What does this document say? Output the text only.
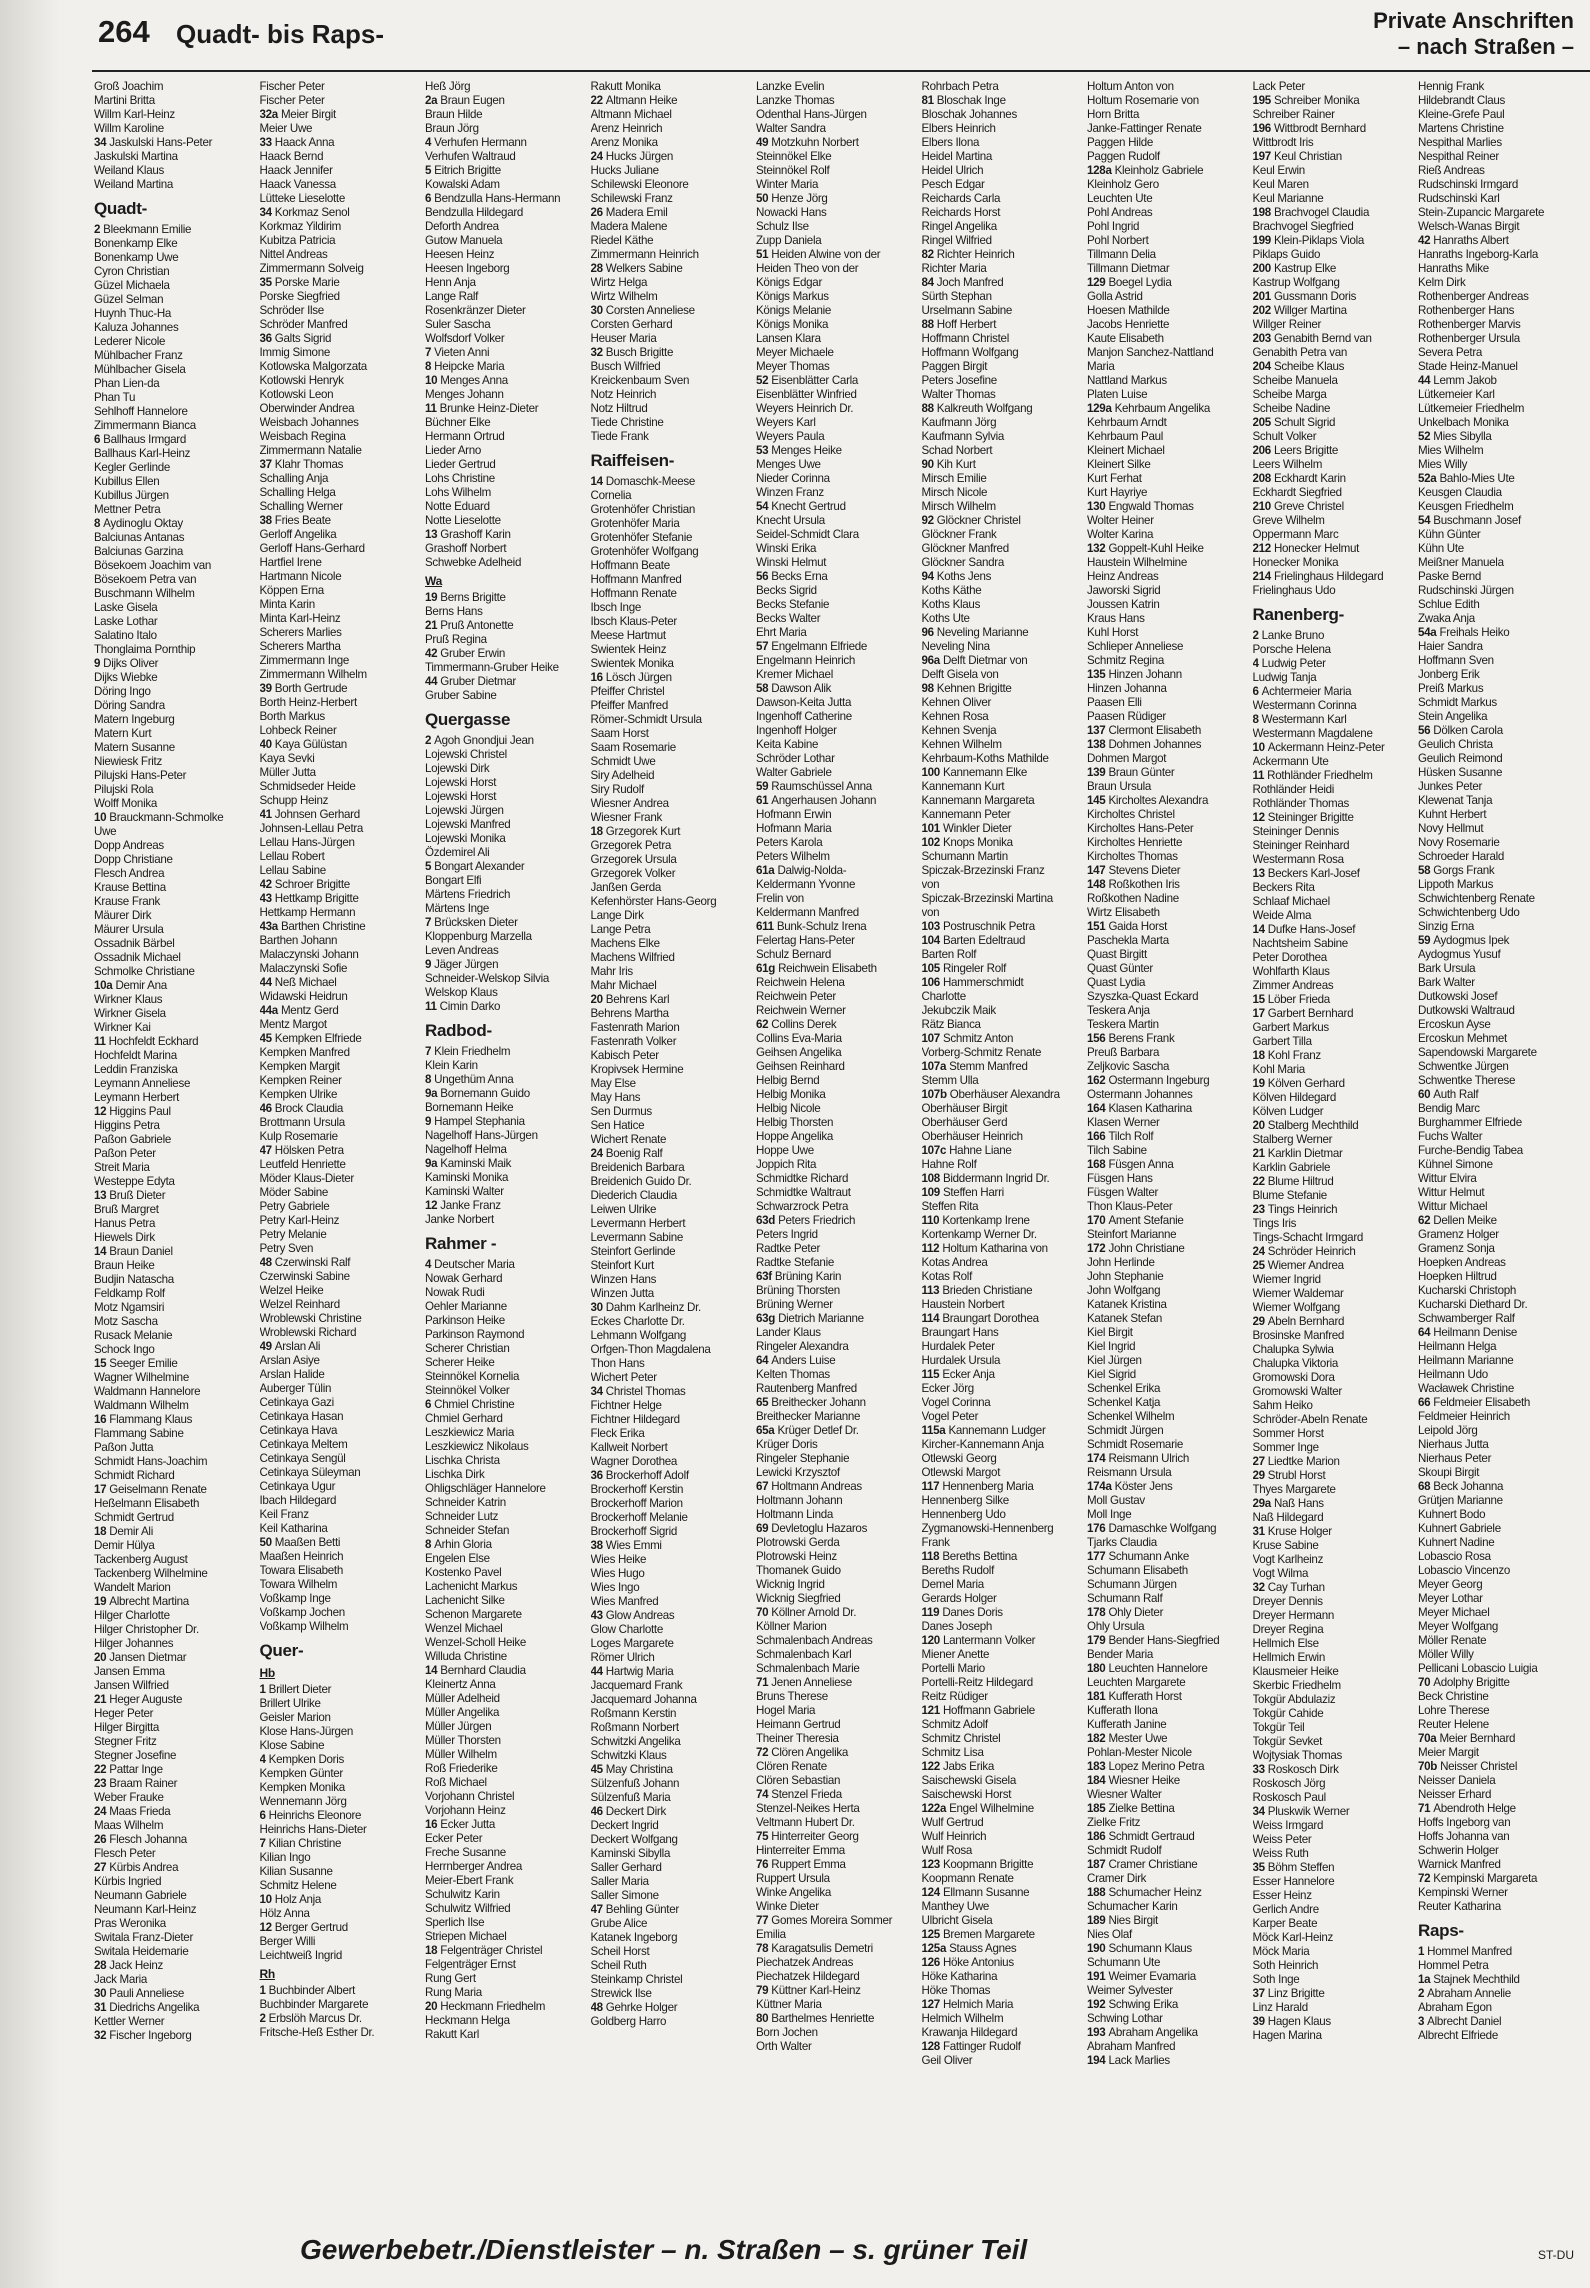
264 Quadt- bis Raps-	Private Anschriften
– nach Straßen –
Groß Joachim
Martini Britta
Willm Karl-Heinz
Willm Karoline
34 Jaskulski Hans-Peter
Jaskulski Martina
Weiland Klaus
Weiland Martina
Quadt-
2 Bleekmann Emilie
Bonenkamp Elke
Bonenkamp Uwe
Cyron Christian
Güzel Michaela
Güzel Selman
Huynh Thuc-Ha
Kaluza Johannes
Lederer Nicole
Mühlbacher Franz
Mühlbacher Gisela
Phan Lien-da
Phan Tu
Sehlhoff Hannelore
Zimmermann Bianca
6 Ballhaus Irmgard
Ballhaus Karl-Heinz
Kegler Gerlinde
Kubillus Ellen
Kubillus Jürgen
Mettner Petra
8 Aydinoglu Oktay
Balciunas Antanas
Balciunas Garzina
Bösekoem Joachim van
Bösekoem Petra van
Buschmann Wilhelm
Laske Gisela
Laske Lothar
Salatino Italo
Thonglaima Pornthip
9 Dijks Oliver
Dijks Wiebke
Döring Ingo
Döring Sandra
Matern Ingeburg
Matern Kurt
Matern Susanne
Niewiesk Fritz
Pilujski Hans-Peter
Pilujski Rola
Wolff Monika
10 Brauckmann-Schmolke
Uwe
Dopp Andreas
Dopp Christiane
Flesch Andrea
Krause Bettina
Krause Frank
Mäurer Dirk
Mäurer Ursula
Ossadnik Bärbel
Ossadnik Michael
Schmolke Christiane
10a Demir Ana
Wirkner Klaus
Wirkner Gisela
Wirkner Kai
11 Hochfeldt Eckhard
Hochfeldt Marina
Leddin Franziska
Leymann Anneliese
Leymann Herbert
12 Higgins Paul
Higgins Petra
Paßon Gabriele
Paßon Peter
Streit Maria
Westeppe Edyta
13 Bruß Dieter
Bruß Margret
Hanus Petra
Hiewels Dirk
14 Braun Daniel
Braun Heike
Budjin Natascha
Feldkamp Rolf
Motz Ngamsiri
Motz Sascha
Rusack Melanie
Schock Ingo
15 Seeger Emilie
Wagner Wilhelmine
Waldmann Hannelore
Waldmann Wilhelm
16 Flammang Klaus
Flammang Sabine
Paßon Jutta
Schmidt Hans-Joachim
Schmidt Richard
17 Geiselmann Renate
Heßelmann Elisabeth
Schmidt Gertrud
18 Demir Ali
Demir Hülya
Tackenberg August
Tackenberg Wilhelmine
Wandelt Marion
19 Albrecht Martina
Hilger Charlotte
Hilger Christopher Dr.
Hilger Johannes
20 Jansen Dietmar
Jansen Emma
Jansen Wilfried
21 Heger Auguste
Heger Peter
Hilger Birgitta
Stegner Fritz
Stegner Josefine
22 Pattar Inge
23 Braam Rainer
Weber Frauke
24 Maas Frieda
Maas Wilhelm
26 Flesch Johanna
Flesch Peter
27 Kürbis Andrea
Kürbis Ingried
Neumann Gabriele
Neumann Karl-Heinz
Pras Weronika
Switala Franz-Dieter
Switala Heidemarie
28 Jack Heinz
Jack Maria
30 Pauli Anneliese
31 Diedrichs Angelika
Kettler Werner
32 Fischer Ingeborg
Fischer Peter
Fischer Peter
32a Meier Birgit
Meier Uwe
33 Haack Anna
Haack Bernd
Haack Jennifer
Haack Vanessa
Lütteke Lieselotte
34 Korkmaz Senol
Korkmaz Yildirim
Kubitza Patricia
Nittel Andreas
Zimmermann Solveig
35 Porske Marie
Porske Siegfried
Schröder Ilse
Schröder Manfred
36 Galts Sigrid
Immig Simone
Kotlowska Malgorzata
Kotlowski Henryk
Kotlowski Leon
Oberwinder Andrea
Weisbach Johannes
Weisbach Regina
Zimmermann Natalie
37 Klahr Thomas
Schalling Anja
Schalling Helga
Schalling Werner
38 Fries Beate
Gerloff Angelika
Gerloff Hans-Gerhard
Hartfiel Irene
Hartmann Nicole
Köppen Erna
Minta Karin
Minta Karl-Heinz
Scherers Marlies
Scherers Martha
Zimmermann Inge
Zimmermann Wilhelm
39 Borth Gertrude
Borth Heinz-Herbert
Borth Markus
Lohbeck Reiner
40 Kaya Gülüstan
Kaya Sevki
Müller Jutta
Schmidseder Heide
Schupp Heinz
41 Johnsen Gerhard
Johnsen-Lellau Petra
Lellau Hans-Jürgen
Lellau Robert
Lellau Sabine
42 Schroer Brigitte
43 Hettkamp Brigitte
Hettkamp Hermann
43a Barthen Christine
Barthen Johann
Malaczynski Johann
Malaczynski Sofie
44 Neß Michael
Widawski Heidrun
44a Mentz Gerd
Mentz Margot
45 Kempken Elfriede
Kempken Manfred
Kempken Margit
Kempken Reiner
Kempken Ulrike
46 Brock Claudia
Brottmann Ursula
Kulp Rosemarie
47 Hölsken Petra
Leutfeld Henriette
Möder Klaus-Dieter
Möder Sabine
Petry Gabriele
Petry Karl-Heinz
Petry Melanie
Petry Sven
48 Czerwinski Ralf
Czerwinski Sabine
Welzel Heike
Welzel Reinhard
Wroblewski Christine
Wroblewski Richard
49 Arslan Ali
Arslan Asiye
Arslan Halide
Auberger Tülin
Cetinkaya Gazi
Cetinkaya Hasan
Cetinkaya Hava
Cetinkaya Meltem
Cetinkaya Sengül
Cetinkaya Süleyman
Cetinkaya Ugur
Ibach Hildegard
Keil Franz
Keil Katharina
50 Maaßen Betti
Maaßen Heinrich
Towara Elisabeth
Towara Wilhelm
Voßkamp Inge
Voßkamp Jochen
Voßkamp Wilhelm
Quer-
Hb
1 Brillert Dieter
Brillert Ulrike
Geisler Marion
Klose Hans-Jürgen
Klose Sabine
4 Kempken Doris
Kempken Günter
Kempken Monika
Wennemann Jörg
6 Heinrichs Eleonore
Heinrichs Hans-Dieter
7 Kilian Christine
Kilian Ingo
Kilian Susanne
Schmitz Helene
10 Holz Anja
Hölz Anna
12 Berger Gertrud
Berger Willi
Leichtweiß Ingrid
Rh
1 Buchbinder Albert
Buchbinder Margarete
2 Erbslöh Marcus Dr.
Fritsche-Heß Esther Dr.
Heß Jörg
2a Braun Eugen
Braun Hilde
Braun Jörg
4 Verhufen Hermann
Verhufen Waltraud
5 Eitrich Brigitte
Kowalski Adam
6 Bendzulla Hans-Hermann
Bendzulla Hildegard
Deforth Andrea
Gutow Manuela
Heesen Heinz
Heesen Ingeborg
Henn Anja
Lange Ralf
Rosenkränzer Dieter
Suler Sascha
Wolfsdorf Volker
7 Vieten Anni
8 Heipcke Maria
10 Menges Anna
Menges Johann
11 Brunke Heinz-Dieter
Büchner Elke
Hermann Ortrud
Lieder Arno
Lieder Gertrud
Lohs Christine
Lohs Wilhelm
Notte Eduard
Notte Lieselotte
13 Grashoff Karin
Grashoff Norbert
Schwebke Adelheid
Wa
19 Berns Brigitte
Berns Hans
21 Pruß Antonette
Pruß Regina
42 Gruber Erwin
Timmermann-Gruber Heike
44 Gruber Dietmar
Gruber Sabine
Quergasse
2 Agoh Gnondjui Jean
Lojewski Christel
Lojewski Dirk
Lojewski Horst
Lojewski Horst
Lojewski Jürgen
Lojewski Manfred
Lojewski Monika
Özdemirel Ali
5 Bongart Alexander
Bongart Elfi
Märtens Friedrich
Märtens Inge
7 Brücksken Dieter
Kloppenburg Marzella
Leven Andreas
9 Jäger Jürgen
Schneider-Welskop Silvia
Welskop Klaus
11 Cimin Darko
Radbod-
7 Klein Friedhelm
Klein Karin
8 Ungethüm Anna
9a Bornemann Guido
Bornemann Heike
9 Hampel Stephania
Nagelhoff Hans-Jürgen
Nagelhoff Helma
9a Kaminski Maik
Kaminski Monika
Kaminski Walter
12 Janke Franz
Janke Norbert
Rahmer -
4 Deutscher Maria
Nowak Gerhard
Nowak Rudi
Oehler Marianne
Parkinson Heike
Parkinson Raymond
Scherer Christian
Scherer Heike
Steinnökel Kornelia
Steinnökel Volker
6 Chmiel Christine
Chmiel Gerhard
Leszkiewicz Maria
Leszkiewicz Nikolaus
Lischka Christa
Lischka Dirk
Ohligschläger Hannelore
Schneider Katrin
Schneider Lutz
Schneider Stefan
8 Arhin Gloria
Engelen Else
Kostenko Pavel
Lachenicht Markus
Lachenicht Silke
Schenon Margarete
Wenzel Michael
Wenzel-Scholl Heike
Willuda Christine
14 Bernhard Claudia
Kleinertz Anna
Müller Adelheid
Müller Angelika
Müller Jürgen
Müller Thorsten
Müller Wilhelm
Roß Friederike
Roß Michael
Vorjohann Christel
Vorjohann Heinz
16 Ecker Jutta
Ecker Peter
Freche Susanne
Herrnberger Andrea
Meier-Ebert Frank
Schulwitz Karin
Schulwitz Wilfried
Sperlich Ilse
Striepen Michael
18 Felgenträger Christel
Felgenträger Ernst
Rung Gert
Rung Maria
20 Heckmann Friedhelm
Heckmann Helga
Rakutt Karl
Rakutt Monika
22 Altmann Heike
Altmann Michael
Arenz Heinrich
Arenz Monika
24 Hucks Jürgen
Hucks Juliane
Schilewski Eleonore
Schilewski Franz
26 Madera Emil
Madera Malene
Riedel Käthe
Zimmermann Heinrich
28 Welkers Sabine
Wirtz Helga
Wirtz Wilhelm
30 Corsten Anneliese
Corsten Gerhard
Heuser Maria
32 Busch Brigitte
Busch Wilfried
Kreickenbaum Sven
Notz Heinrich
Notz Hiltrud
Tiede Christine
Tiede Frank
Raiffeisen-
14 Domaschk-Meese
Cornelia
Grotenhöfer Christian
Grotenhöfer Maria
Grotenhöfer Stefanie
Grotenhöfer Wolfgang
Hoffmann Beate
Hoffmann Manfred
Hoffmann Renate
Ibsch Inge
Ibsch Klaus-Peter
Meese Hartmut
Swientek Heinz
Swientek Monika
16 Lösch Jürgen
Pfeiffer Christel
Pfeiffer Manfred
Römer-Schmidt Ursula
Saam Horst
Saam Rosemarie
Schmidt Uwe
Siry Adelheid
Siry Rudolf
Wiesner Andrea
Wiesner Frank
18 Grzegorek Kurt
Grzegorek Petra
Grzegorek Ursula
Grzegorek Volker
Janßen Gerda
Kefenhörster Hans-Georg
Lange Dirk
Lange Petra
Machens Elke
Machens Wilfried
Mahr Iris
Mahr Michael
20 Behrens Karl
Behrens Martha
Fastenrath Marion
Fastenrath Volker
Kabisch Peter
Kropivsek Hermine
May Else
May Hans
Sen Durmus
Sen Hatice
Wichert Renate
24 Boenig Ralf
Breidenich Barbara
Breidenich Guido Dr.
Diederich Claudia
Leiwen Ulrike
Levermann Herbert
Levermann Sabine
Steinfort Gerlinde
Steinfort Kurt
Winzen Hans
Winzen Jutta
30 Dahm Karlheinz Dr.
Eckes Charlotte Dr.
Lehmann Wolfgang
Orfgen-Thon Magdalena
Thon Hans
Wichert Peter
34 Christel Thomas
Fichtner Helge
Fichtner Hildegard
Fleck Erika
Kallweit Norbert
Wagner Dorothea
36 Brockerhoff Adolf
Brockerhoff Kerstin
Brockerhoff Marion
Brockerhoff Melanie
Brockerhoff Sigrid
38 Wies Emmi
Wies Heike
Wies Hugo
Wies Ingo
Wies Manfred
43 Glow Andreas
Glow Charlotte
Loges Margarete
Römer Ulrich
44 Hartwig Maria
Jacquemard Frank
Jacquemard Johanna
Roßmann Kerstin
Roßmann Norbert
Schwitzki Angelika
Schwitzki Klaus
45 May Christina
Sülzenfuß Johann
Sülzenfuß Maria
46 Deckert Dirk
Deckert Ingrid
Deckert Wolfgang
Kaminski Sibylla
Saller Gerhard
Saller Maria
Saller Simone
47 Behling Günter
Grube Alice
Katanek Ingeborg
Scheil Horst
Scheil Ruth
Steinkamp Christel
Strewick Ilse
48 Gehrke Holger
Goldberg Harro
Lanzke Evelin
Lanzke Thomas
Odenthal Hans-Jürgen
Walter Sandra
49 Motzkuhn Norbert
Steinnökel Elke
Steinnökel Rolf
Winter Maria
50 Henze Jörg
Nowacki Hans
Schulz Ilse
Zupp Daniela
51 Heiden Alwine von der
Heiden Theo von der
Königs Edgar
Königs Markus
Königs Melanie
Königs Monika
Lansen Klara
Meyer Michaele
Meyer Thomas
52 Eisenblätter Carla
Eisenblätter Winfried
Weyers Heinrich Dr.
Weyers Karl
Weyers Paula
53 Menges Heike
Menges Uwe
Nieder Corinna
Winzen Franz
54 Knecht Gertrud
Knecht Ursula
Seidel-Schmidt Clara
Winski Erika
Winski Helmut
56 Becks Erna
Becks Sigrid
Becks Stefanie
Becks Walter
Ehrt Maria
57 Engelmann Elfriede
Engelmann Heinrich
Kremer Michael
58 Dawson Alik
Dawson-Keita Jutta
Ingenhoff Catherine
Ingenhoff Holger
Keita Kabine
Schröder Lothar
Walter Gabriele
59 Raumschüssel Anna
61 Angerhausen Johann
Hofmann Erwin
Hofmann Maria
Peters Karola
Peters Wilhelm
61a Dalwig-Nolda-
Keldermann Yvonne
Frelin von
Keldermann Manfred
611 Bunk-Schulz Irena
Felertag Hans-Peter
Schulz Bernard
61g Reichwein Elisabeth
Reichwein Helena
Reichwein Peter
Reichwein Werner
62 Collins Derek
Collins Eva-Maria
Geihsen Angelika
Geihsen Reinhard
Helbig Bernd
Helbig Monika
Helbig Nicole
Helbig Thorsten
Hoppe Angelika
Hoppe Uwe
Joppich Rita
Schmidtke Richard
Schmidtke Waltraut
Schwarzrock Petra
63d Peters Friedrich
Peters Ingrid
Radtke Peter
Radtke Stefanie
63f Brüning Karin
Brüning Thorsten
Brüning Werner
63g Dietrich Marianne
Lander Klaus
Ringeler Alexandra
64 Anders Luise
Kelten Thomas
Rautenberg Manfred
65 Breithecker Johann
Breithecker Marianne
65a Krüger Detlef Dr.
Krüger Doris
Ringeler Stephanie
Lewicki Krzysztof
67 Holtmann Andreas
Holtmann Johann
Holtmann Linda
69 Devletoglu Hazaros
Plotrowski Gerda
Plotrowski Heinz
Thomanek Guido
Wicknig Ingrid
Wicknig Siegfried
70 Köllner Arnold Dr.
Köllner Marion
Schmalenbach Andreas
Schmalenbach Karl
Schmalenbach Marie
71 Jenen Anneliese
Bruns Therese
Hogel Maria
Heimann Gertrud
Theiner Theresia
72 Clören Angelika
Clören Renate
Clören Sebastian
74 Stenzel Frieda
Stenzel-Neikes Herta
Veltmann Hubert Dr.
75 Hinterreiter Georg
Hinterreiter Emma
76 Ruppert Emma
Ruppert Ursula
Winke Angelika
Winke Dieter
77 Gomes Moreira Sommer
Emilia
78 Karagatsulis Demetri
Piechatzek Andreas
Piechatzek Hildegard
79 Küttner Karl-Heinz
Küttner Maria
80 Barthelmes Henriette
Born Jochen
Orth Walter
Rohrbach Petra
81 Bloschak Inge
Bloschak Johannes
Elbers Heinrich
Elbers Ilona
Heidel Martina
Heidel Ulrich
Pesch Edgar
Reichards Carla
Reichards Horst
Ringel Angelika
Ringel Wilfried
82 Richter Heinrich
Richter Maria
84 Joch Manfred
Sürth Stephan
Urselmann Sabine
88 Hoff Herbert
Hoffmann Christel
Hoffmann Wolfgang
Paggen Birgit
Peters Josefine
Walter Thomas
88 Kalkreuth Wolfgang
Kaufmann Jörg
Kaufmann Sylvia
Schad Norbert
90 Kih Kurt
Mirsch Emilie
Mirsch Nicole
Mirsch Wilhelm
92 Glöckner Christel
Glöckner Frank
Glöckner Manfred
Glöckner Sandra
94 Koths Jens
Koths Käthe
Koths Klaus
Koths Ute
96 Neveling Marianne
Neveling Nina
96a Delft Dietmar von
Delft Gisela von
98 Kehnen Brigitte
Kehnen Oliver
Kehnen Rosa
Kehnen Svenja
Kehnen Wilhelm
Kehrbaum-Koths Mathilde
100 Kannemann Elke
Kannemann Kurt
Kannemann Margareta
Kannemann Peter
101 Winkler Dieter
102 Knops Monika
Schumann Martin
Spiczak-Brzezinski Franz
von
Spiczak-Brzezinski Martina
von
103 Postruschnik Petra
104 Barten Edeltraud
Barten Rolf
105 Ringeler Rolf
106 Hammerschmidt
Charlotte
Jekubczik Maik
Rätz Bianca
107 Schmitz Anton
Vorberg-Schmitz Renate
107a Stemm Manfred
Stemm Ulla
107b Oberhäuser Alexandra
Oberhäuser Birgit
Oberhäuser Gerd
Oberhäuser Heinrich
107c Hahne Liane
Hahne Rolf
108 Biddermann Ingrid Dr.
109 Steffen Harri
Steffen Rita
110 Kortenkamp Irene
Kortenkamp Werner Dr.
112 Holtum Katharina von
Kotas Andrea
Kotas Rolf
113 Brieden Christiane
Haustein Norbert
114 Braungart Dorothea
Braungart Hans
Hurdalek Peter
Hurdalek Ursula
115 Ecker Anja
Ecker Jörg
Vogel Corinna
Vogel Peter
115a Kannemann Ludger
Kircher-Kannemann Anja
Otlewski Georg
Otlewski Margot
117 Hennenberg Maria
Hennenberg Silke
Hennenberg Udo
Zygmanowski-Hennenberg
Frank
118 Bereths Bettina
Bereths Rudolf
Demel Maria
Gerards Holger
119 Danes Doris
Danes Joseph
120 Lantermann Volker
Miener Anette
Portelli Mario
Portelli-Reitz Hildegard
Reitz Rüdiger
121 Hoffmann Gabriele
Schmitz Adolf
Schmitz Christel
Schmitz Lisa
122 Jabs Erika
Saischewski Gisela
Saischewski Horst
122a Engel Wilhelmine
Wulf Gertrud
Wulf Heinrich
Wulf Rosa
123 Koopmann Brigitte
Koopmann Renate
124 Ellmann Susanne
Manthey Uwe
Ulbricht Gisela
125 Bremen Margarete
125a Stauss Agnes
126 Höke Antonius
Höke Katharina
Höke Thomas
127 Helmich Maria
Helmich Wilhelm
Krawanja Hildegard
128 Fattinger Rudolf
Geil Oliver
Holtum Anton von
Holtum Rosemarie von
Horn Britta
Janke-Fattinger Renate
Paggen Hilde
Paggen Rudolf
128a Kleinholz Gabriele
Kleinholz Gero
Leuchten Ute
Pohl Andreas
Pohl Ingrid
Pohl Norbert
Tillmann Delia
Tillmann Dietmar
129 Boegel Lydia
Golla Astrid
Hoesen Mathilde
Jacobs Henriette
Kaute Elisabeth
Manjon Sanchez-Nattland
Maria
Nattland Markus
Platen Luise
129a Kehrbaum Angelika
Kehrbaum Arndt
Kehrbaum Paul
Kleinert Michael
Kleinert Silke
Kurt Ferhat
Kurt Hayriye
130 Engwald Thomas
Wolter Heiner
Wolter Karina
132 Goppelt-Kuhl Heike
Haustein Wilhelmine
Heinz Andreas
Jaworski Sigrid
Joussen Katrin
Kraus Hans
Kuhl Horst
Schlieper Anneliese
Schmitz Regina
135 Hinzen Johann
Hinzen Johanna
Paasen Elli
Paasen Rüdiger
137 Clermont Elisabeth
138 Dohmen Johannes
Dohmen Margot
139 Braun Günter
Braun Ursula
145 Kircholtes Alexandra
Kircholtes Christel
Kircholtes Hans-Peter
Kircholtes Henriette
Kircholtes Thomas
147 Stevens Dieter
148 Roßkothen Iris
Roßkothen Nadine
Wirtz Elisabeth
151 Gaida Horst
Paschekla Marta
Quast Birgitt
Quast Günter
Quast Lydia
Szyszka-Quast Eckard
Teskera Anja
Teskera Martin
156 Berens Frank
Preuß Barbara
Zeljkovic Sascha
162 Ostermann Ingeburg
Ostermann Johannes
164 Klasen Katharina
Klasen Werner
166 Tilch Rolf
Tilch Sabine
168 Füsgen Anna
Füsgen Hans
Füsgen Walter
Thon Klaus-Peter
170 Ament Stefanie
Steinfort Marianne
172 John Christiane
John Herlinde
John Stephanie
John Wolfgang
Katanek Kristina
Katanek Stefan
Kiel Birgit
Kiel Ingrid
Kiel Jürgen
Kiel Sigrid
Schenkel Erika
Schenkel Katja
Schenkel Wilhelm
Schmidt Jürgen
Schmidt Rosemarie
174 Reismann Ulrich
Reismann Ursula
174a Köster Jens
Moll Gustav
Moll Inge
176 Damaschke Wolfgang
Tjarks Claudia
177 Schumann Anke
Schumann Elisabeth
Schumann Jürgen
Schumann Ralf
178 Ohly Dieter
Ohly Ursula
179 Bender Hans-Siegfried
Bender Maria
180 Leuchten Hannelore
Leuchten Margarete
181 Kufferath Horst
Kufferath Ilona
Kufferath Janine
182 Mester Uwe
Pohlan-Mester Nicole
183 Lopez Merino Petra
184 Wiesner Heike
Wiesner Walter
185 Zielke Bettina
Zielke Fritz
186 Schmidt Gertraud
Schmidt Rudolf
187 Cramer Christiane
Cramer Dirk
188 Schumacher Heinz
Schumacher Karin
189 Nies Birgit
Nies Olaf
190 Schumann Klaus
Schumann Ute
191 Weimer Evamaria
Weimer Sylvester
192 Schwing Erika
Schwing Lothar
193 Abraham Angelika
Abraham Manfred
194 Lack Marlies
Lack Peter
195 Schreiber Monika
Schreiber Rainer
196 Wittbrodt Bernhard
Wittbrodt Iris
197 Keul Christian
Keul Erwin
Keul Maren
Keul Marianne
198 Brachvogel Claudia
Brachvogel Siegfried
199 Klein-Piklaps Viola
Piklaps Guido
200 Kastrup Elke
Kastrup Wolfgang
201 Gussmann Doris
202 Willger Martina
Willger Reiner
203 Genabith Bernd van
Genabith Petra van
204 Scheibe Klaus
Scheibe Manuela
Scheibe Marga
Scheibe Nadine
205 Schult Sigrid
Schult Volker
206 Leers Brigitte
Leers Wilhelm
208 Eckhardt Karin
Eckhardt Siegfried
210 Greve Christel
Greve Wilhelm
Oppermann Marc
212 Honecker Helmut
Honecker Monika
214 Frielinghaus Hildegard
Frielinghaus Udo
Ranenberg-
2 Lanke Bruno
Porsche Helena
4 Ludwig Peter
Ludwig Tanja
6 Achtermeier Maria
Westermann Corinna
8 Westermann Karl
Westermann Magdalene
10 Ackermann Heinz-Peter
Ackermann Ute
11 Rothländer Friedhelm
Rothländer Heidi
Rothländer Thomas
12 Steininger Brigitte
Steininger Dennis
Steininger Reinhard
Westermann Rosa
13 Beckers Karl-Josef
Beckers Rita
Schlaaf Michael
Weide Alma
14 Dufke Hans-Josef
Nachtsheim Sabine
Peter Dorothea
Wohlfarth Klaus
Zimmer Andreas
15 Löber Frieda
17 Garbert Bernhard
Garbert Markus
Garbert Tilla
18 Kohl Franz
Kohl Maria
19 Kölven Gerhard
Kölven Hildegard
Kölven Ludger
20 Stalberg Mechthild
Stalberg Werner
21 Karklin Dietmar
Karklin Gabriele
22 Blume Hiltrud
Blume Stefanie
23 Tings Heinrich
Tings Iris
Tings-Schacht Irmgard
24 Schröder Heinrich
25 Wiemer Andrea
Wiemer Ingrid
Wiemer Waldemar
Wiemer Wolfgang
29 Abeln Bernhard
Brosinske Manfred
Chalupka Sylwia
Chalupka Viktoria
Gromowski Dora
Gromowski Walter
Sahm Heiko
Schröder-Abeln Renate
Sommer Horst
Sommer Inge
27 Liedtke Marion
29 Strubl Horst
Thyes Margarete
29a Naß Hans
Naß Hildegard
31 Kruse Holger
Kruse Sabine
Vogt Karlheinz
Vogt Wilma
32 Cay Turhan
Dreyer Dennis
Dreyer Hermann
Dreyer Regina
Hellmich Else
Hellmich Erwin
Klausmeier Heike
Skerbic Friedhelm
Tokgür Abdulaziz
Tokgür Cahide
Tokgür Teil
Tokgür Sevket
Wojtysiak Thomas
33 Roskosch Dirk
Roskosch Jörg
Roskosch Paul
34 Pluskwik Werner
Weiss Irmgard
Weiss Peter
Weiss Ruth
35 Böhm Steffen
Esser Hannelore
Esser Heinz
Gerlich Andre
Karper Beate
Möck Karl-Heinz
Möck Maria
Soth Heinrich
Soth Inge
37 Linz Brigitte
Linz Harald
39 Hagen Klaus
Hagen Marina
Hennig Frank
Hildebrandt Claus
Kleine-Grefe Paul
Martens Christine
Nespithal Marlies
Nespithal Reiner
Rieß Andreas
Rudschinski Irmgard
Rudschinski Karl
Stein-Zupancic Margarete
Welsch-Wanas Birgit
42 Hanraths Albert
Hanraths Ingeborg-Karla
Hanraths Mike
Kelm Dirk
Rothenberger Andreas
Rothenberger Hans
Rothenberger Marvis
Rothenberger Ursula
Severa Petra
Stade Heinz-Manuel
44 Lemm Jakob
Lütkemeier Karl
Lütkemeier Friedhelm
Unkelbach Monika
52 Mies Sibylla
Mies Wilhelm
Mies Willy
52a Bahlo-Mies Ute
Keusgen Claudia
Keusgen Friedhelm
54 Buschmann Josef
Kühn Günter
Kühn Ute
Meißner Manuela
Paske Bernd
Rudschinski Jürgen
Schlue Edith
Zwaka Anja
54a Freihals Heiko
Haier Sandra
Hoffmann Sven
Jonberg Erik
Preiß Markus
Schmidt Markus
Stein Angelika
56 Dölken Carola
Geulich Christa
Geulich Reimond
Hüsken Susanne
Junkes Peter
Klewenat Tanja
Kuhnt Herbert
Novy Hellmut
Novy Rosemarie
Schroeder Harald
58 Gorgs Frank
Lippoth Markus
Schwichtenberg Renate
Schwichtenberg Udo
Sinzig Erna
59 Aydogmus Ipek
Aydogmus Yusuf
Bark Ursula
Bark Walter
Dutkowski Josef
Dutkowski Waltraud
Ercoskun Ayse
Ercoskun Mehmet
Sapendowski Margarete
Schwentke Jürgen
Schwentke Therese
60 Auth Ralf
Bendig Marc
Burghammer Elfriede
Fuchs Walter
Furche-Bendig Tabea
Kühnel Simone
Wittur Elvira
Wittur Helmut
Wittur Michael
62 Dellen Meike
Gramenz Holger
Gramenz Sonja
Hoepken Andreas
Hoepken Hiltrud
Kucharski Christoph
Kucharski Diethard Dr.
Schwamberger Ralf
64 Heilmann Denise
Heilmann Helga
Heilmann Marianne
Heilmann Udo
Wacławek Christine
66 Feldmeier Elisabeth
Feldmeier Heinrich
Leipold Jörg
Nierhaus Jutta
Nierhaus Peter
Skoupi Birgit
68 Beck Johanna
Grütjen Marianne
Kuhnert Bodo
Kuhnert Gabriele
Kuhnert Nadine
Lobascio Rosa
Lobascio Vincenzo
Meyer Georg
Meyer Lothar
Meyer Michael
Meyer Wolfgang
Möller Renate
Möller Willy
Pellicani Lobascio Luigia
70 Adolphy Brigitte
Beck Christine
Lohre Therese
Reuter Helene
70a Meier Bernhard
Meier Margit
70b Neisser Christel
Neisser Daniela
Neisser Erhard
71 Abendroth Helge
Hoffs Ingeborg van
Hoffs Johanna van
Schwerin Holger
Warnick Manfred
72 Kempinski Margareta
Kempinski Werner
Reuter Katharina
Raps-
1 Hommel Manfred
Hommel Petra
1a Stajnek Mechthild
2 Abraham Annelie
Abraham Egon
3 Albrecht Daniel
Albrecht Elfriede
Gewerbebetr./Dienstleister – n. Straßen – s. grüner Teil	ST-DU
